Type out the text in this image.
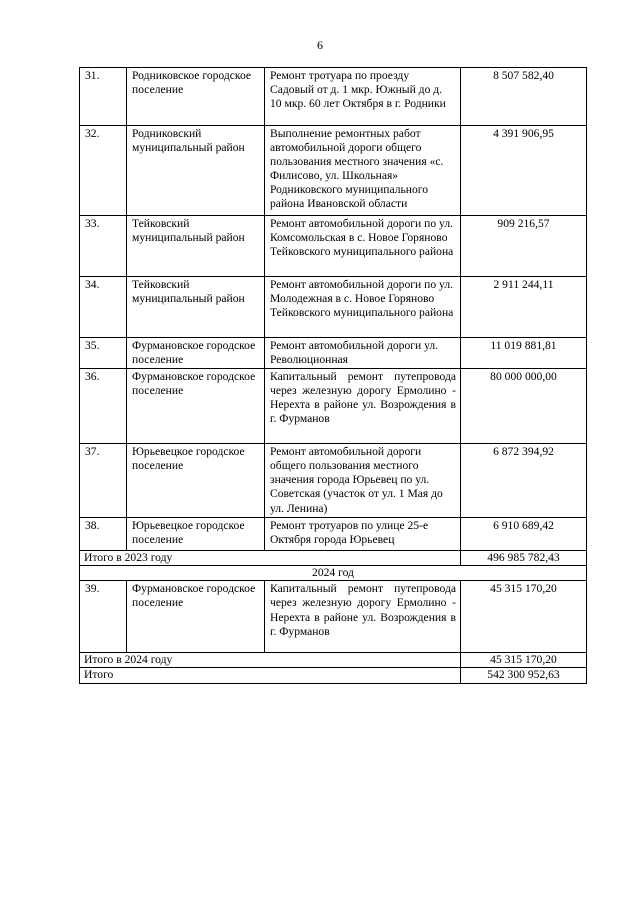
6
31.	Родниковское городское поселение	Ремонт тротуара по проезду Садовый от д. 1 мкр. Южный до д. 10 мкр. 60 лет Октября в г. Родники	8 507 582,40
32.	Родниковский муниципальный район	Выполнение ремонтных работ автомобильной дороги общего пользования местного значения «с. Филисово, ул. Школьная» Родниковского муниципального района Ивановской области	4 391 906,95
33.	Тейковский муниципальный район	Ремонт автомобильной дороги по ул. Комсомольская в с. Новое Горяново Тейковского муниципального района	909 216,57
34.	Тейковский муниципальный район	Ремонт автомобильной дороги по ул. Молодежная в с. Новое Горяново Тейковского муниципального района	2 911 244,11
35.	Фурмановское городское поселение	Ремонт автомобильной дороги ул. Революционная	11 019 881,81
36.	Фурмановское городское поселение	Капитальный ремонт путепровода через железную дорогу Ермолино - Нерехта в районе ул. Возрождения в г. Фурманов	80 000 000,00
37.	Юрьевецкое городское поселение	Ремонт автомобильной дороги общего пользования местного значения города Юрьевец по ул. Советская (участок от ул. 1 Мая до ул. Ленина)	6 872 394,92
38.	Юрьевецкое городское поселение	Ремонт тротуаров по улице 25-е Октября города Юрьевец	6 910 689,42
Итого в 2023 году			496 985 782,43
2024 год			
39.	Фурмановское городское поселение	Капитальный ремонт путепровода через железную дорогу Ермолино - Нерехта в районе ул. Возрождения в г. Фурманов	45 315 170,20
Итого в 2024 году			45 315 170,20
Итого			542 300 952,63
